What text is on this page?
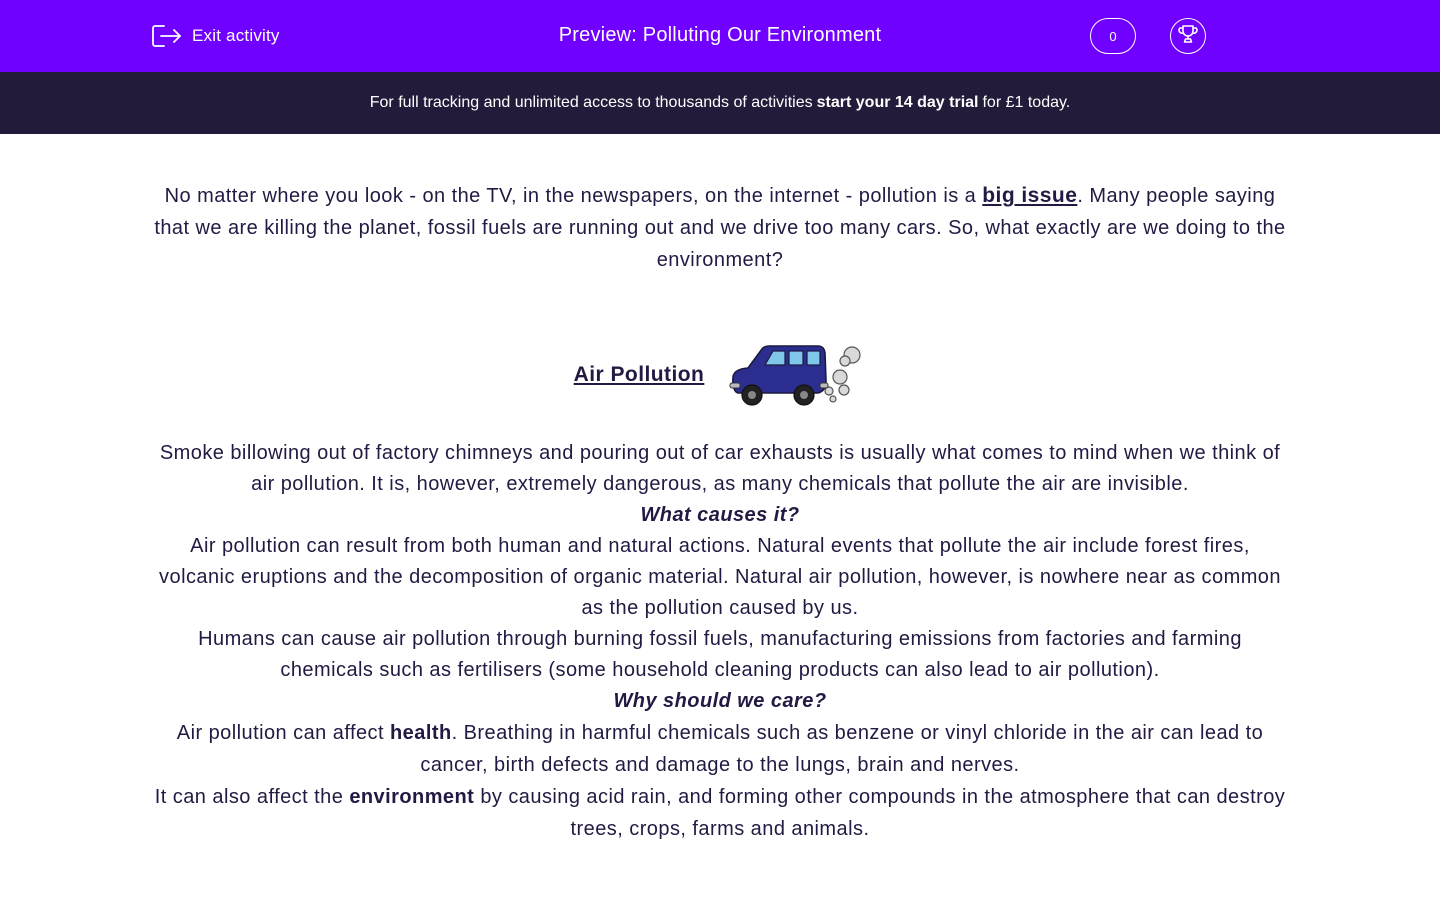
Exit activity	Preview: Polluting Our Environment	0
For full tracking and unlimited access to thousands of activities start your 14 day trial for £1 today.

No matter where you look - on the TV, in the newspapers, on the internet - pollution is a big issue. Many people saying that we are killing the planet, fossil fuels are running out and we drive too many cars. So, what exactly are we doing to the environment?

Air Pollution

Smoke billowing out of factory chimneys and pouring out of car exhausts is usually what comes to mind when we think of air pollution. It is, however, extremely dangerous, as many chemicals that pollute the air are invisible.

What causes it?

Air pollution can result from both human and natural actions. Natural events that pollute the air include forest fires, volcanic eruptions and the decomposition of organic material. Natural air pollution, however, is nowhere near as common as the pollution caused by us.

Humans can cause air pollution through burning fossil fuels, manufacturing emissions from factories and farming chemicals such as fertilisers (some household cleaning products can also lead to air pollution).

Why should we care?

Air pollution can affect health. Breathing in harmful chemicals such as benzene or vinyl chloride in the air can lead to cancer, birth defects and damage to the lungs, brain and nerves.

It can also affect the environment by causing acid rain, and forming other compounds in the atmosphere that can destroy trees, crops, farms and animals.
